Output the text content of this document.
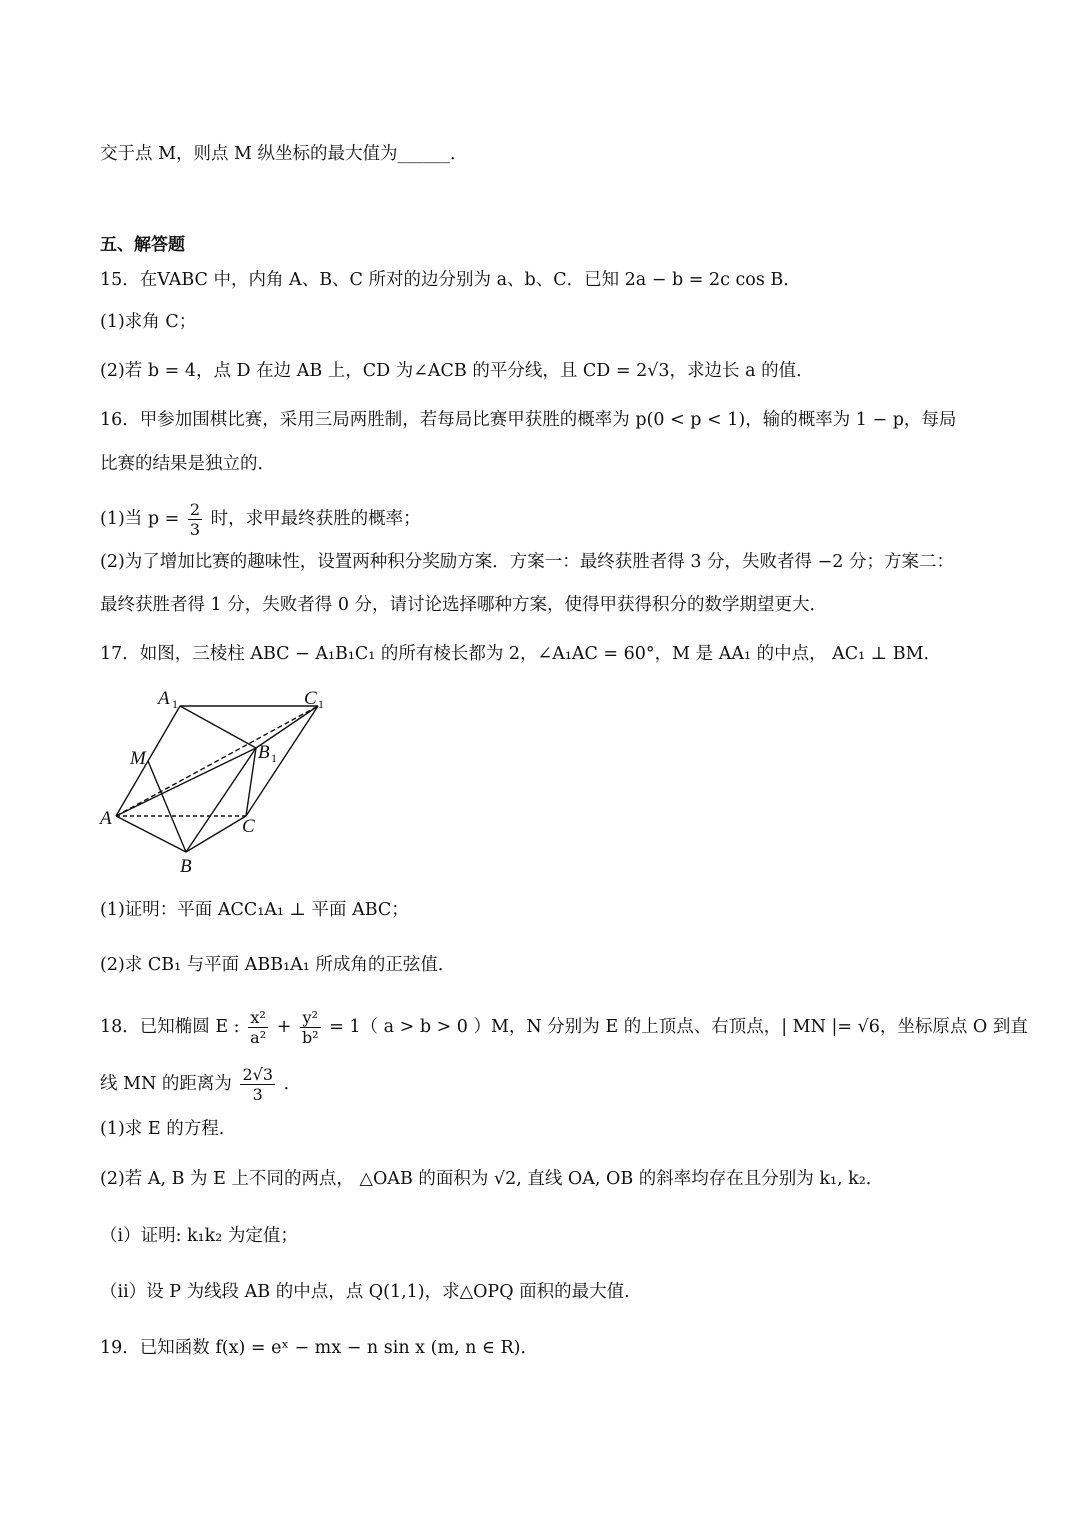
交于点 M，则点 M 纵坐标的最大值为______．
五、解答题
15．在VABC 中，内角 A、B、C 所对的边分别为 a、b、C．已知 2a − b = 2c cos B．
(1)求角 C；
(2)若 b = 4，点 D 在边 AB 上，CD 为∠ACB 的平分线，且 CD = 2√3，求边长 a 的值．
16．甲参加围棋比赛，采用三局两胜制，若每局比赛甲获胜的概率为 p(0 < p < 1)，输的概率为 1 − p，每局
比赛的结果是独立的．
(1)当 $p = \frac{2}{3}$ 时，求甲最终获胜的概率；
(2)为了增加比赛的趣味性，设置两种积分奖励方案．方案一：最终获胜者得 3 分，失败者得 −2 分；方案二：
最终获胜者得 1 分，失败者得 0 分，请讨论选择哪种方案，使得甲获得积分的数学期望更大．
17．如图，三棱柱 ABC − A₁B₁C₁ 的所有棱长都为 2，∠A₁AC = 60°，M 是 AA₁ 的中点， AC₁ ⊥ BM．
A 1	C 1
B 1
M
A	C
B
(1)证明：平面 ACC₁A₁ ⊥ 平面 ABC；
(2)求 CB₁ 与平面 ABB₁A₁ 所成角的正弦值．
18．已知椭圆 E : $\frac{\text{x²}}{\text{a²}} + \frac{\text{y²}}{\text{b²}} = 1$（ a > b > 0 ）M，N 分别为 E 的上顶点、右顶点，| MN |= √6，坐标原点 O 到直
线 MN 的距离为 $\frac{2√3}{3}$ ．
(1)求 E 的方程.
(2)若 A, B 为 E 上不同的两点， △OAB 的面积为 √2, 直线 OA, OB 的斜率均存在且分别为 k₁, k₂．
（i）证明: k₁k₂ 为定值；
（ii）设 P 为线段 AB 的中点，点 Q(1,1)，求△OPQ 面积的最大值.
19．已知函数 f(x) = eˣ − mx − n sin x (m, n ∈ R)．
